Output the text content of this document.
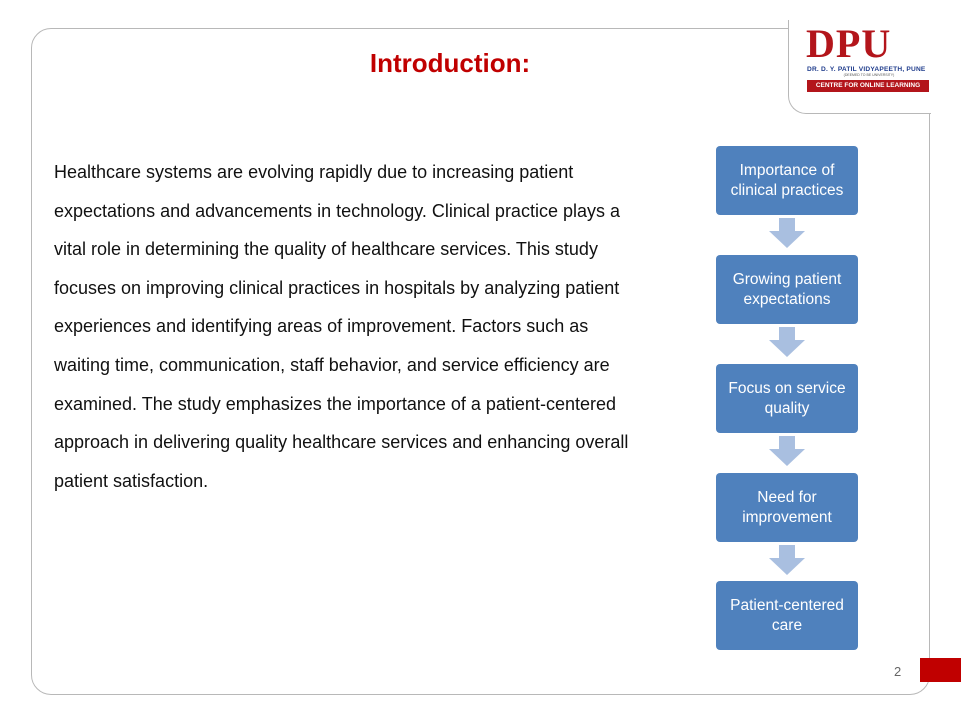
DPU
DR. D. Y. PATIL VIDYAPEETH, PUNE
(DEEMED TO BE UNIVERSITY)
CENTRE FOR ONLINE LEARNING
Introduction:

Healthcare systems are evolving rapidly due to increasing patient expectations and advancements in technology. Clinical practice plays a vital role in determining the quality of healthcare services. This study focuses on improving clinical practices in hospitals by analyzing patient experiences and identifying areas of improvement. Factors such as waiting time, communication, staff behavior, and service efficiency are examined. The study emphasizes the importance of a patient-centered approach in delivering quality healthcare services and enhancing overall patient satisfaction.

Importance of clinical practices
Growing patient expectations
Focus on service quality
Need for improvement
Patient-centered care
2
